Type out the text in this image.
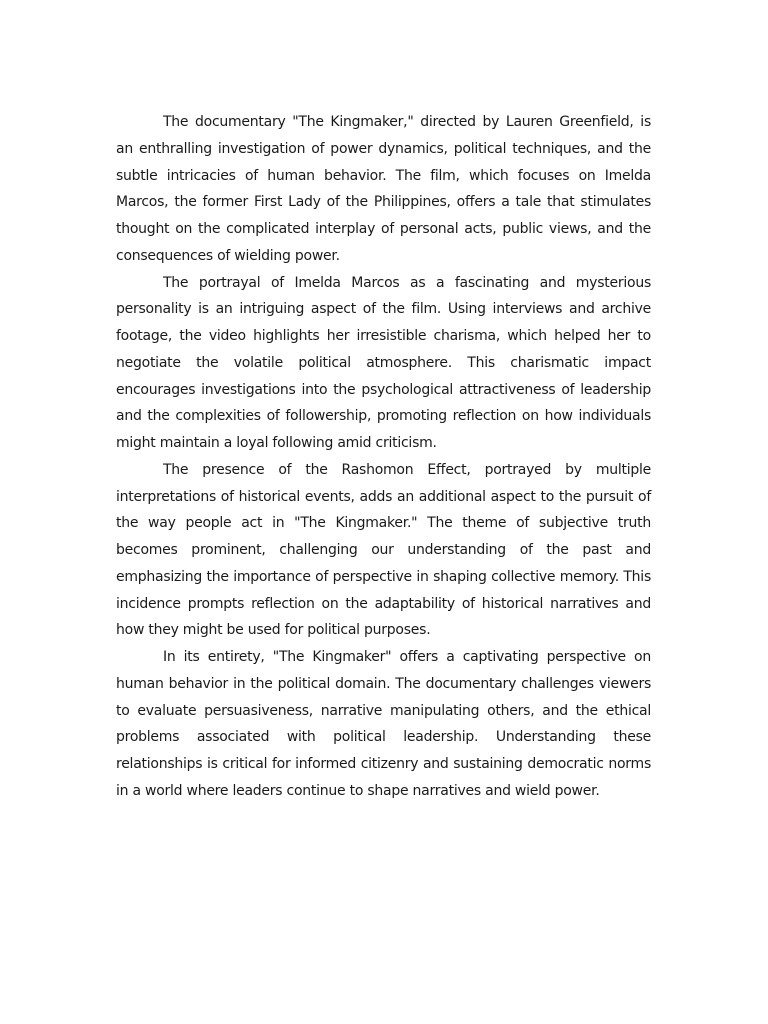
The documentary "The Kingmaker," directed by Lauren Greenfield, is an enthralling investigation of power dynamics, political techniques, and the subtle intricacies of human behavior. The film, which focuses on Imelda Marcos, the former First Lady of the Philippines, offers a tale that stimulates thought on the complicated interplay of personal acts, public views, and the consequences of wielding power.

The portrayal of Imelda Marcos as a fascinating and mysterious personality is an intriguing aspect of the film. Using interviews and archive footage, the video highlights her irresistible charisma, which helped her to negotiate the volatile political atmosphere. This charismatic impact encourages investigations into the psychological attractiveness of leadership and the complexities of followership, promoting reflection on how individuals might maintain a loyal following amid criticism.

The presence of the Rashomon Effect, portrayed by multiple interpretations of historical events, adds an additional aspect to the pursuit of the way people act in "The Kingmaker." The theme of subjective truth becomes prominent, challenging our understanding of the past and emphasizing the importance of perspective in shaping collective memory. This incidence prompts reflection on the adaptability of historical narratives and how they might be used for political purposes.

In its entirety, "The Kingmaker" offers a captivating perspective on human behavior in the political domain. The documentary challenges viewers to evaluate persuasiveness, narrative manipulating others, and the ethical problems associated with political leadership. Understanding these relationships is critical for informed citizenry and sustaining democratic norms in a world where leaders continue to shape narratives and wield power.
